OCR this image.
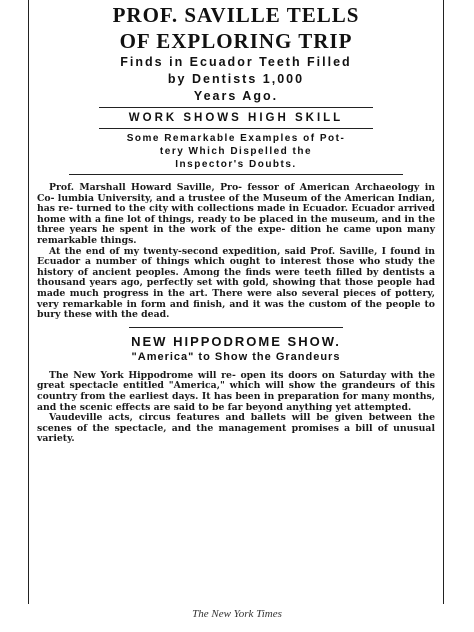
PROF. SAVILLE TELLS
OF EXPLORING TRIP
Finds in Ecuador Teeth Filled
by Dentists 1,000
Years Ago.
WORK SHOWS HIGH SKILL
Some Remarkable Examples of Pot-
tery Which Dispelled the
Inspector's Doubts.

Prof. Marshall Howard Saville, Pro- fessor of American Archaeology in Co- lumbia University, and a trustee of the Museum of the American Indian, has re- turned to the city with collections made in Ecuador. Ecuador arrived home with a fine lot of things, ready to be placed in the museum, and in the three years he spent in the work of the expe- dition he came upon many remarkable things.

At the end of my twenty-second expedition, said Prof. Saville, I found in Ecuador a number of things which ought to interest those who study the history of ancient peoples. Among the finds were teeth filled by dentists a thousand years ago, perfectly set with gold, showing that those people had made much progress in the art. There were also several pieces of pottery, very remarkable in form and finish, and it was the custom of the people to bury these with the dead.

NEW HIPPODROME SHOW.
"America" to Show the Grandeurs

The New York Hippodrome will re- open its doors on Saturday with the great spectacle entitled "America," which will show the grandeurs of this country from the earliest days. It has been in preparation for many months, and the scenic effects are said to be far beyond anything yet attempted.

Vaudeville acts, circus features and ballets will be given between the scenes of the spectacle, and the management promises a bill of unusual variety.

The New York Times
